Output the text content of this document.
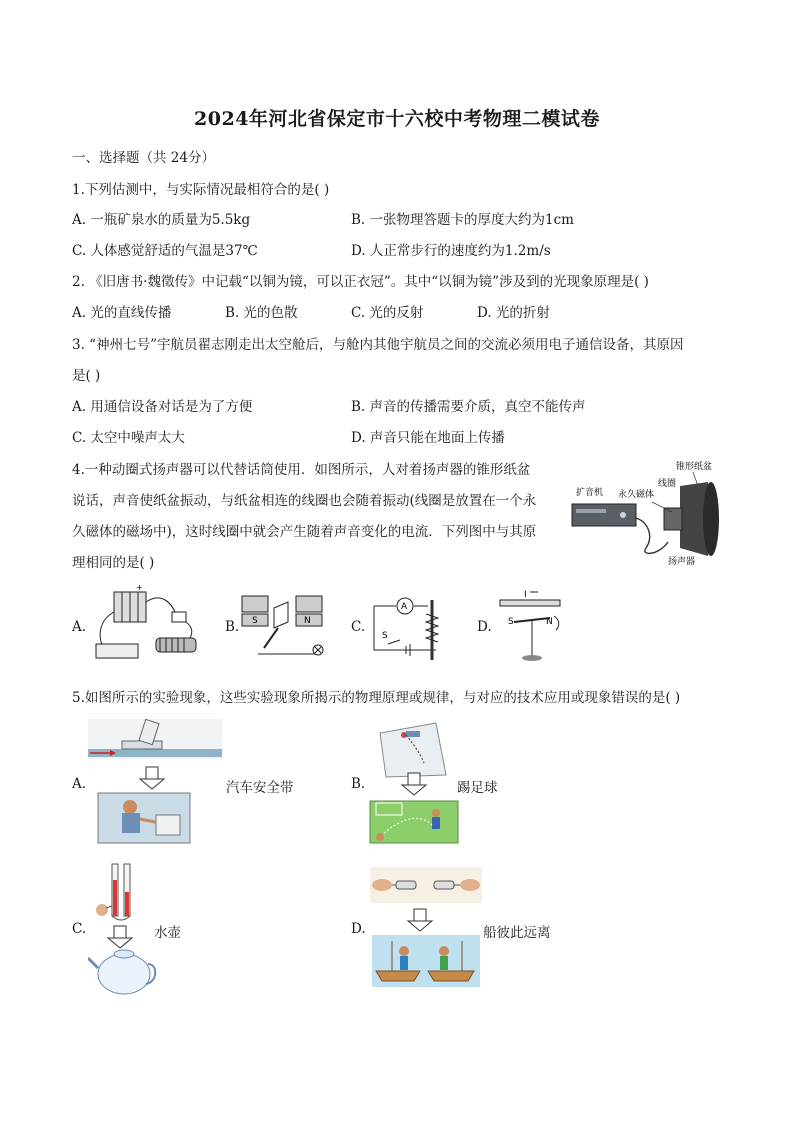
2024年河北省保定市十六校中考物理二模试卷
一、选择题（共 24分）
1.下列估测中，与实际情况最相符合的是( )
A. 一瓶矿泉水的质量为5.5kg	B. 一张物理答题卡的厚度大约为1cm
C. 人体感觉舒适的气温是37℃	D. 人正常步行的速度约为1.2m/s
2. 《旧唐书·魏徵传》中记载“以铜为镜，可以正衣冠”。其中“以铜为镜”涉及到的光现象原理是( )
A. 光的直线传播	B. 光的色散	C. 光的反射	D. 光的折射
3. “神州七号”宇航员翟志刚走出太空舱后，与舱内其他宇航员之间的交流必须用电子通信设备，其原因
是( )
A. 用通信设备对话是为了方便	B. 声音的传播需要介质，真空不能传声
C. 太空中噪声太大	D. 声音只能在地面上传播
4.一种动圈式扬声器可以代替话筒使用．如图所示，人对着扬声器的锥形纸盆
说话，声音使纸盆振动，与纸盆相连的线圈也会随着振动(线圈是放置在一个永
久磁体的磁场中)，这时线圈中就会产生随着声音变化的电流．下列图中与其原
理相同的是( )
锥形纸盆
线圈
扩音机 永久磁体
扬声器
A.
+
B. S	N	C.
A
S
D.
I
S	N
5.如图所示的实验现象，这些实验现象所揭示的物理原理或规律，与对应的技术应用或现象错误的是( )
A.	汽车安全带	B.	踢足球
C.	水壶	D.	船彼此远离
